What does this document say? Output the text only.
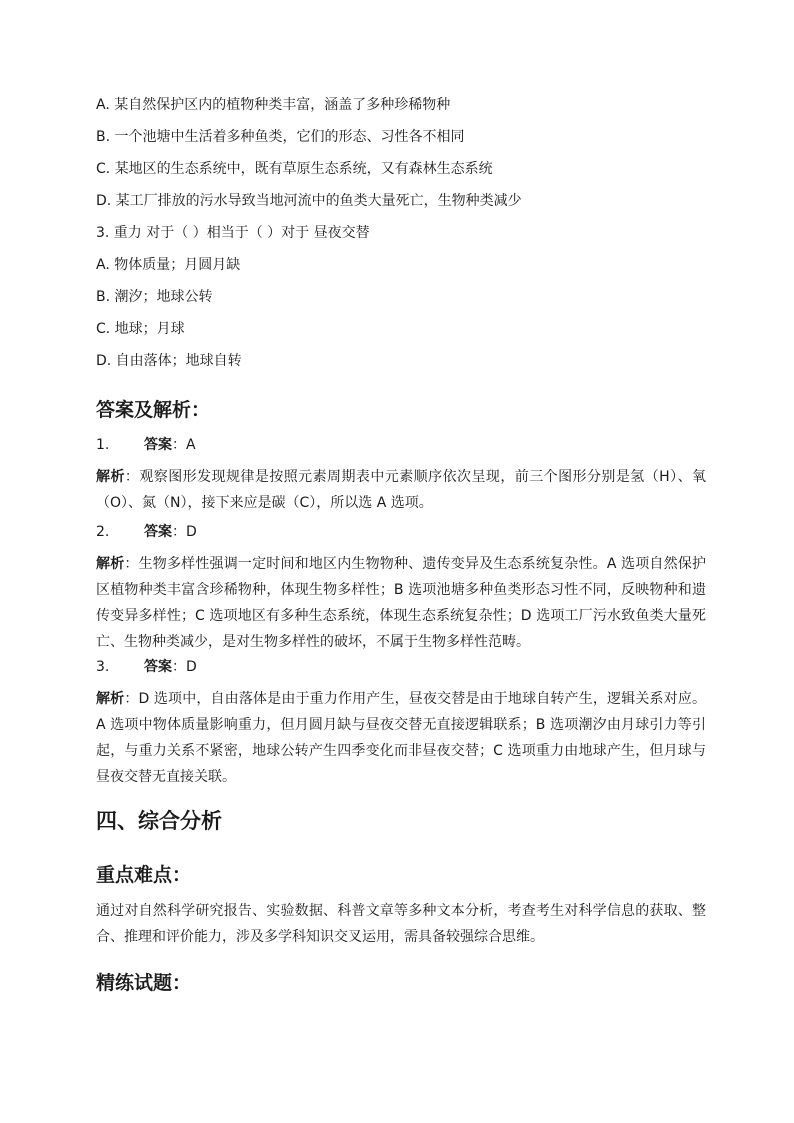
A. 某自然保护区内的植物种类丰富，涵盖了多种珍稀物种
B. 一个池塘中生活着多种鱼类，它们的形态、习性各不相同
C. 某地区的生态系统中，既有草原生态系统，又有森林生态系统
D. 某工厂排放的污水导致当地河流中的鱼类大量死亡，生物种类减少
3. 重力 对于（ ）相当于（ ）对于 昼夜交替
A. 物体质量；月圆月缺
B. 潮汐；地球公转
C. 地球；月球
D. 自由落体；地球自转
答案及解析：
1. 答案：A
解析：观察图形发现规律是按照元素周期表中元素顺序依次呈现，前三个图形分别是氢（H）、氧（O）、氮（N），接下来应是碳（C），所以选 A 选项。
2. 答案：D
解析：生物多样性强调一定时间和地区内生物物种、遗传变异及生态系统复杂性。A 选项自然保护区植物种类丰富含珍稀物种，体现生物多样性；B 选项池塘多种鱼类形态习性不同，反映物种和遗传变异多样性；C 选项地区有多种生态系统，体现生态系统复杂性；D 选项工厂污水致鱼类大量死亡、生物种类减少，是对生物多样性的破坏，不属于生物多样性范畴。
3. 答案：D
解析：D 选项中，自由落体是由于重力作用产生，昼夜交替是由于地球自转产生，逻辑关系对应。A 选项中物体质量影响重力，但月圆月缺与昼夜交替无直接逻辑联系；B 选项潮汐由月球引力等引起，与重力关系不紧密，地球公转产生四季变化而非昼夜交替；C 选项重力由地球产生，但月球与昼夜交替无直接关联。
四、综合分析
重点难点：
通过对自然科学研究报告、实验数据、科普文章等多种文本分析，考查考生对科学信息的获取、整合、推理和评价能力，涉及多学科知识交叉运用，需具备较强综合思维。
精练试题：
